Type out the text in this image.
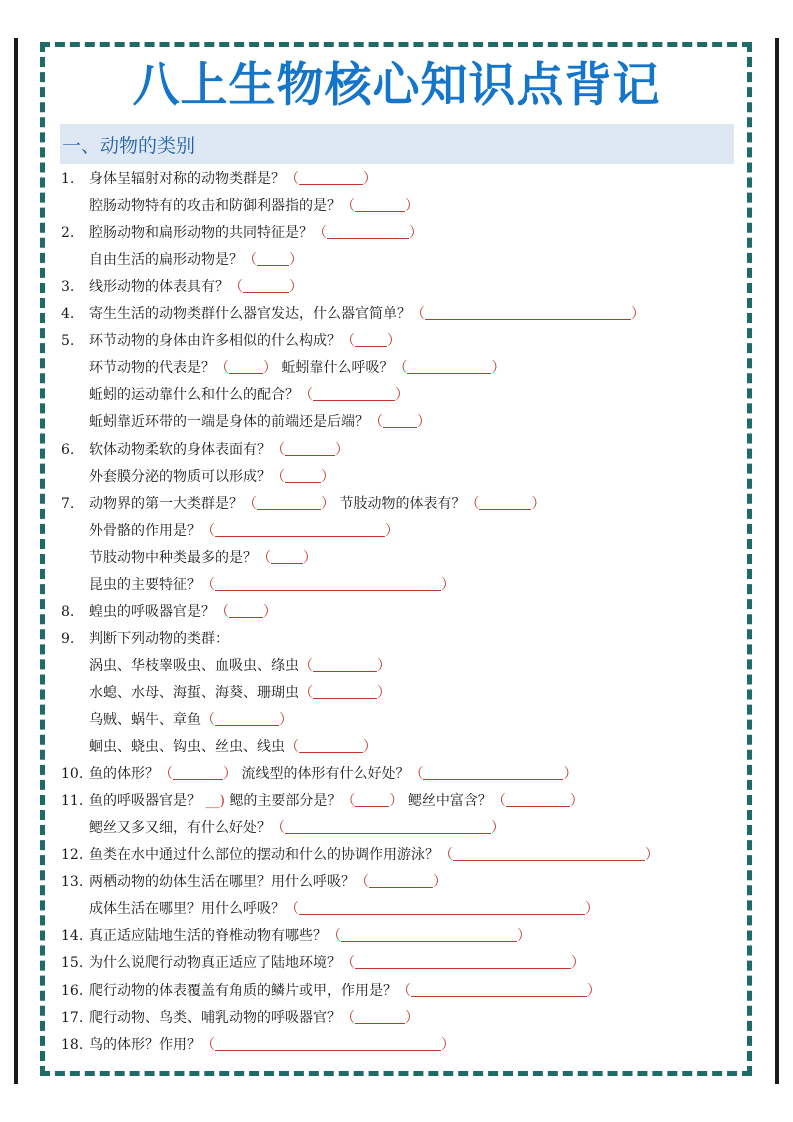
八上生物核心知识点背记
一、动物的类别
1.	身体呈辐射对称的动物类群是？（	）
腔肠动物特有的攻击和防御利器指的是？（	）
2.	腔肠动物和扁形动物的共同特征是？（	）
自由生活的扁形动物是？（ ）
3.	线形动物的体表具有？（	）
4.	寄生生活的动物类群什么器官发达，什么器官简单？（	）
5.	环节动物的身体由许多相似的什么构成？（ ）
环节动物的代表是？（ ） 蚯蚓靠什么呼吸？（	）
蚯蚓的运动靠什么和什么的配合？（	）
蚯蚓靠近环带的一端是身体的前端还是后端？（ ）
6.	软体动物柔软的身体表面有？（	）
外套膜分泌的物质可以形成？（	）
7.	动物界的第一大类群是？（	） 节肢动物的体表有？（	）
外骨骼的作用是？（	）
节肢动物中种类最多的是？（ ）
昆虫的主要特征？（	）
8.	蝗虫的呼吸器官是？（ ）
9.	判断下列动物的类群：
涡虫、华枝睾吸虫、血吸虫、绦虫（	）
水螅、水母、海蜇、海葵、珊瑚虫（	）
乌贼、蜗牛、章鱼（	）
蛔虫、蛲虫、钩虫、丝虫、线虫（	）
10. 鱼的体形？（	） 流线型的体形有什么好处？（	）
11. 鱼的呼吸器官是？ __) 鳃的主要部分是？（ ） 鳃丝中富含？（	）
鳃丝又多又细，有什么好处？（	）
12. 鱼类在水中通过什么部位的摆动和什么的协调作用游泳？（	）
13. 两栖动物的幼体生活在哪里？用什么呼吸？（	）
成体生活在哪里？用什么呼吸？（	）
14. 真正适应陆地生活的脊椎动物有哪些？（	）
15. 为什么说爬行动物真正适应了陆地环境？（	）
16. 爬行动物的体表覆盖有角质的鳞片或甲，作用是？（	）
17. 爬行动物、鸟类、哺乳动物的呼吸器官？（	）
18. 鸟的体形？作用？（	）
